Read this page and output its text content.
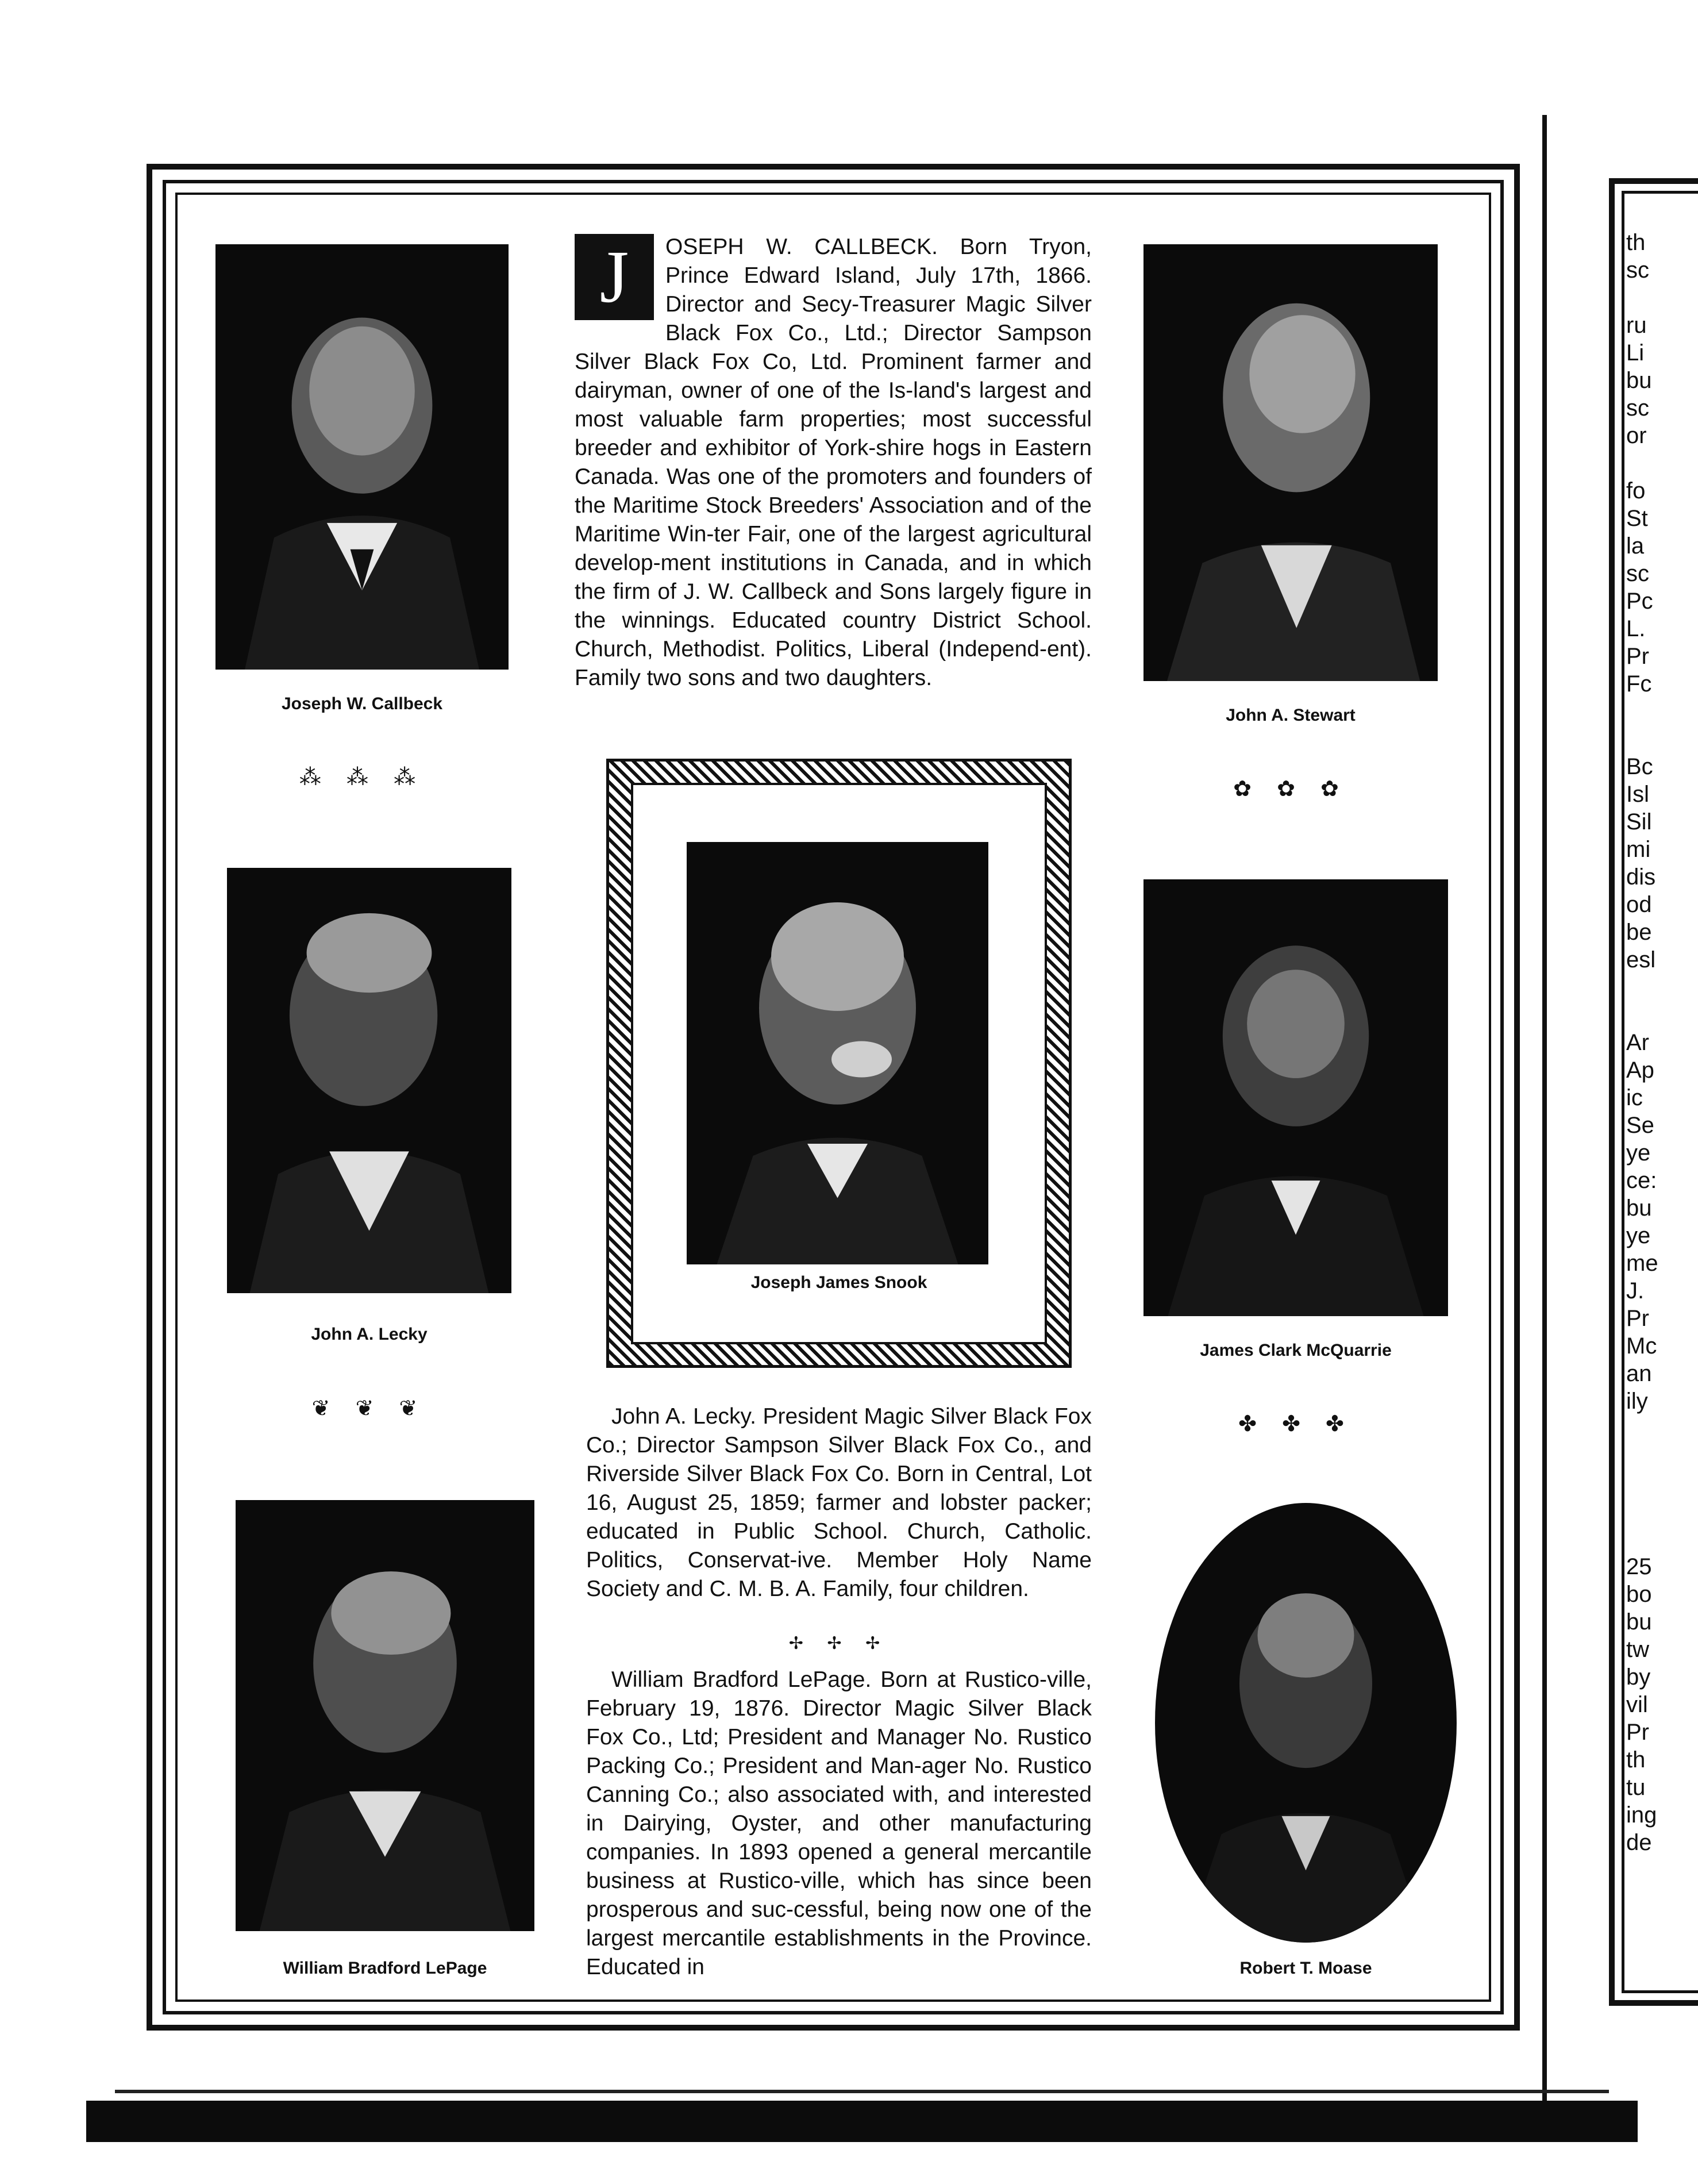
th
sc

ru
Li
bu
sc
or

fo
St
la
sc
Pc
L.
Pr
Fc

Bc
Isl
Sil
mi
dis
od
be
esl

Ar
Ap
ic
Se
ye
ce:
bu
ye
me
J.
Pr
Mc
an
ily

25
bo
bu
tw
by
vil
Pr
th
tu
ing
de
Joseph W. Callbeck
⁂ ⁂ ⁂
John A. Lecky
❦ ❦ ❦
William Bradford LePage
J	OSEPH W. CALLBECK. Born Tryon, Prince Edward Island, July 17th, 1866. Director and Secy-Treasurer Magic Silver Black Fox Co., Ltd.; Director Sampson Silver Black Fox Co, Ltd. Prominent farmer and dairyman, owner of one of the Is-land's largest and most valuable farm properties; most successful breeder and exhibitor of York-shire hogs in Eastern Canada. Was one of the promoters and founders of the Maritime Stock Breeders' Association and of the Maritime Win-ter Fair, one of the largest agricultural develop-ment institutions in Canada, and in which the firm of J. W. Callbeck and Sons largely figure in the winnings. Educated country District School. Church, Methodist. Politics, Liberal (Independ-ent). Family two sons and two daughters.
Joseph James Snook
John A. Lecky. President Magic Silver Black Fox Co.; Director Sampson Silver Black Fox Co., and Riverside Silver Black Fox Co. Born in Central, Lot 16, August 25, 1859; farmer and lobster packer; educated in Public School. Church, Catholic. Politics, Conservat-ive. Member Holy Name Society and C. M. B. A. Family, four children.
✢ ✢ ✢
William Bradford LePage. Born at Rustico-ville, February 19, 1876. Director Magic Silver Black Fox Co., Ltd; President and Manager No. Rustico Packing Co.; President and Man-ager No. Rustico Canning Co.; also associated with, and interested in Dairying, Oyster, and other manufacturing companies. In 1893 opened a general mercantile business at Rustico-ville, which has since been prosperous and suc-cessful, being now one of the largest mercantile establishments in the Province. Educated in
John A. Stewart
✿ ✿ ✿
James Clark McQuarrie
✤ ✤ ✤
Robert T. Moase
